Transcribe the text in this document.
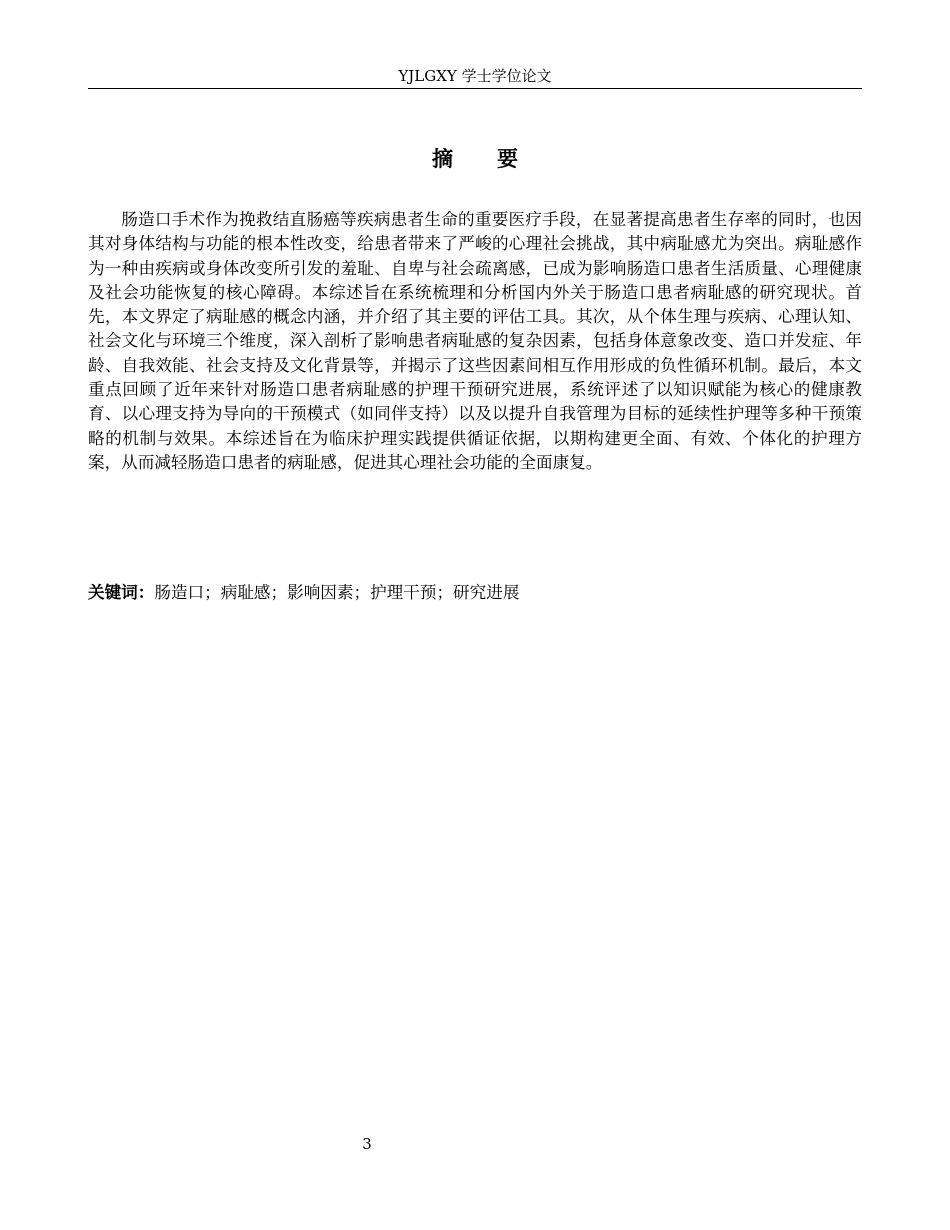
YJLGXY 学士学位论文
摘要

肠造口手术作为挽救结直肠癌等疾病患者生命的重要医疗手段，在显著提高患者生存率的同时，也因其对身体结构与功能的根本性改变，给患者带来了严峻的心理社会挑战，其中病耻感尤为突出。病耻感作为一种由疾病或身体改变所引发的羞耻、自卑与社会疏离感，已成为影响肠造口患者生活质量、心理健康及社会功能恢复的核心障碍。本综述旨在系统梳理和分析国内外关于肠造口患者病耻感的研究现状。首先，本文界定了病耻感的概念内涵，并介绍了其主要的评估工具。其次，从个体生理与疾病、心理认知、社会文化与环境三个维度，深入剖析了影响患者病耻感的复杂因素，包括身体意象改变、造口并发症、年龄、自我效能、社会支持及文化背景等，并揭示了这些因素间相互作用形成的负性循环机制。最后，本文重点回顾了近年来针对肠造口患者病耻感的护理干预研究进展，系统评述了以知识赋能为核心的健康教育、以心理支持为导向的干预模式（如同伴支持）以及以提升自我管理为目标的延续性护理等多种干预策略的机制与效果。本综述旨在为临床护理实践提供循证依据，以期构建更全面、有效、个体化的护理方案，从而减轻肠造口患者的病耻感，促进其心理社会功能的全面康复。

关键词：肠造口；病耻感；影响因素；护理干预；研究进展

3
